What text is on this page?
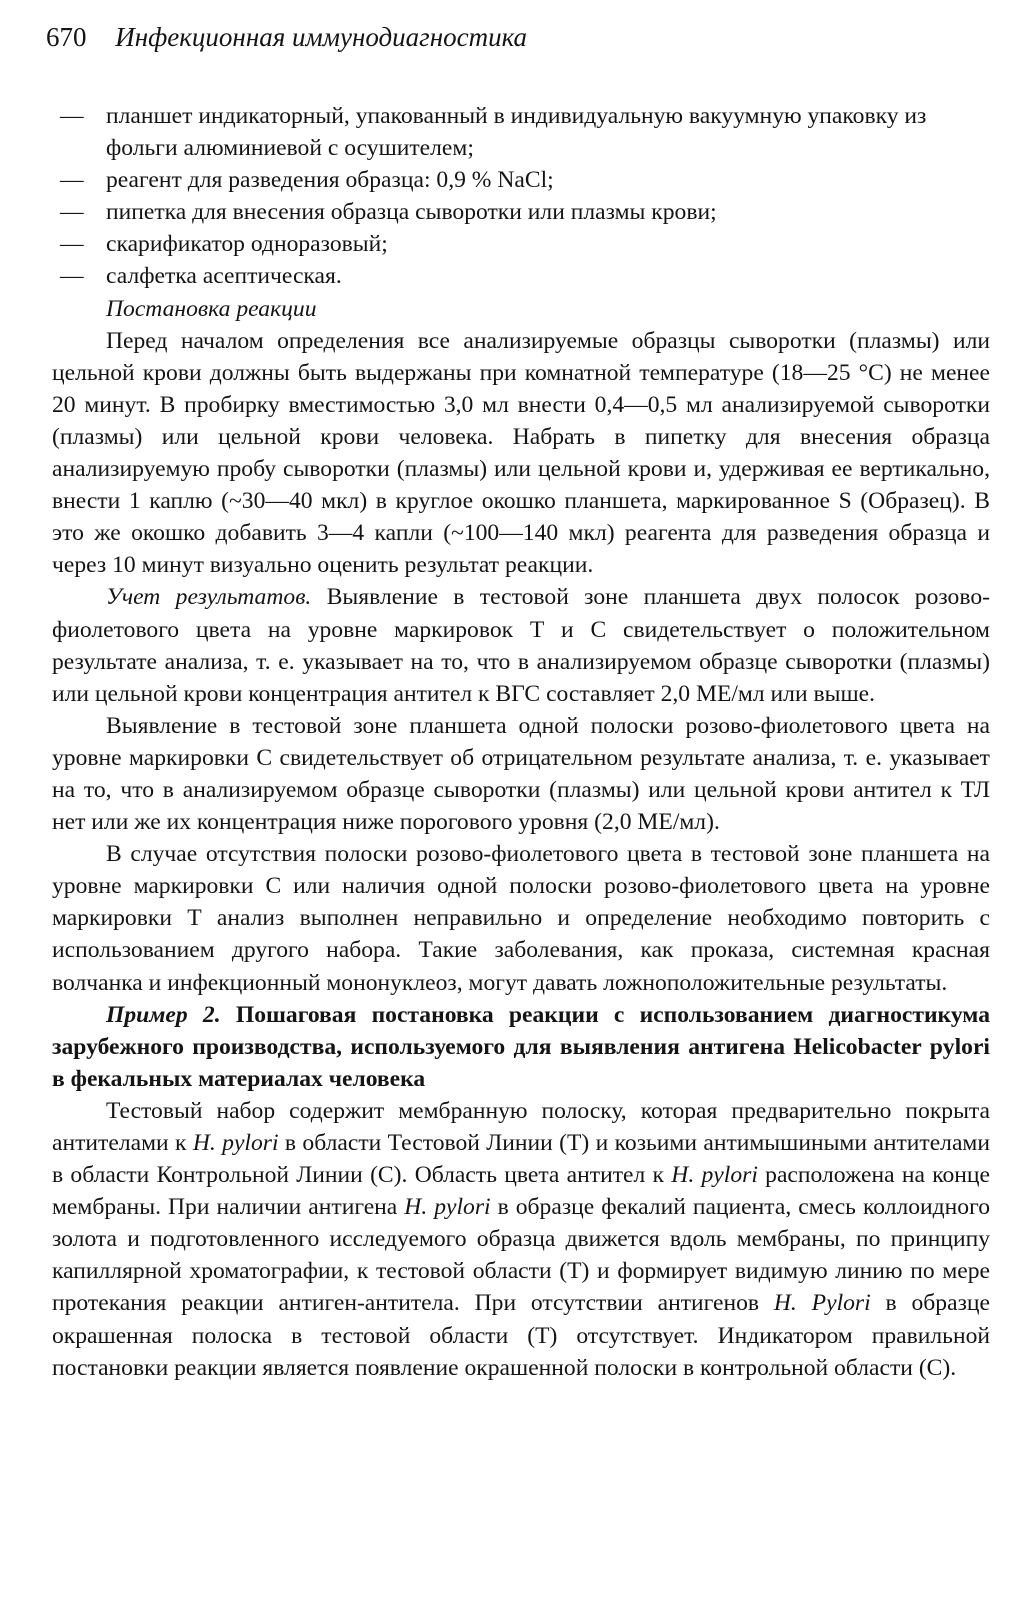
670 Инфекционная иммунодиагностика
— планшет индикаторный, упакованный в индивидуальную вакуумную упаковку из фольги алюминиевой с осушителем;
— реагент для разведения образца: 0,9 % NaCl;
— пипетка для внесения образца сыворотки или плазмы крови;
— скарификатор одноразовый;
— салфетка асептическая.
Постановка реакции

Перед началом определения все анализируемые образцы сыворотки (плазмы) или цельной крови должны быть выдержаны при комнатной температуре (18—25 °С) не менее 20 минут. В пробирку вместимостью 3,0 мл внести 0,4—0,5 мл анализируемой сыворотки (плазмы) или цельной крови человека. Набрать в пипетку для внесения образца анализируемую пробу сыворотки (плазмы) или цельной крови и, удерживая ее вертикально, внести 1 каплю (~30—40 мкл) в круглое окошко планшета, маркированное S (Образец). В это же окошко добавить 3—4 капли (~100—140 мкл) реагента для разведения образца и через 10 минут визуально оценить результат реакции.

Учет результатов. Выявление в тестовой зоне планшета двух полосок розово-фиолетового цвета на уровне маркировок Т и С свидетельствует о положительном результате анализа, т. е. указывает на то, что в анализируемом образце сыворотки (плазмы) или цельной крови концентрация антител к ВГС составляет 2,0 МЕ/мл или выше.

Выявление в тестовой зоне планшета одной полоски розово-фиолетового цвета на уровне маркировки С свидетельствует об отрицательном результате анализа, т. е. указывает на то, что в анализируемом образце сыворотки (плазмы) или цельной крови антител к ТЛ нет или же их концентрация ниже порогового уровня (2,0 МЕ/мл).

В случае отсутствия полоски розово-фиолетового цвета в тестовой зоне планшета на уровне маркировки С или наличия одной полоски розово-фиолетового цвета на уровне маркировки Т анализ выполнен неправильно и определение необходимо повторить с использованием другого набора. Такие заболевания, как проказа, системная красная волчанка и инфекционный мононуклеоз, могут давать ложноположительные результаты.

Пример 2. Пошаговая постановка реакции с использованием диагностикума зарубежного производства, используемого для выявления антигена Helicobacter pylori в фекальных материалах человека

Тестовый набор содержит мембранную полоску, которая предварительно покрыта антителами к H. pylori в области Тестовой Линии (Т) и козьими антимышиными антителами в области Контрольной Линии (С). Область цвета антител к H. pylori расположена на конце мембраны. При наличии антигена H. pylori в образце фекалий пациента, смесь коллоидного золота и подготовленного исследуемого образца движется вдоль мембраны, по принципу капиллярной хроматографии, к тестовой области (Т) и формирует видимую линию по мере протекания реакции антиген-антитела. При отсутствии антигенов H. Pylori в образце окрашенная полоска в тестовой области (Т) отсутствует. Индикатором правильной постановки реакции является появление окрашенной полоски в контрольной области (С).
